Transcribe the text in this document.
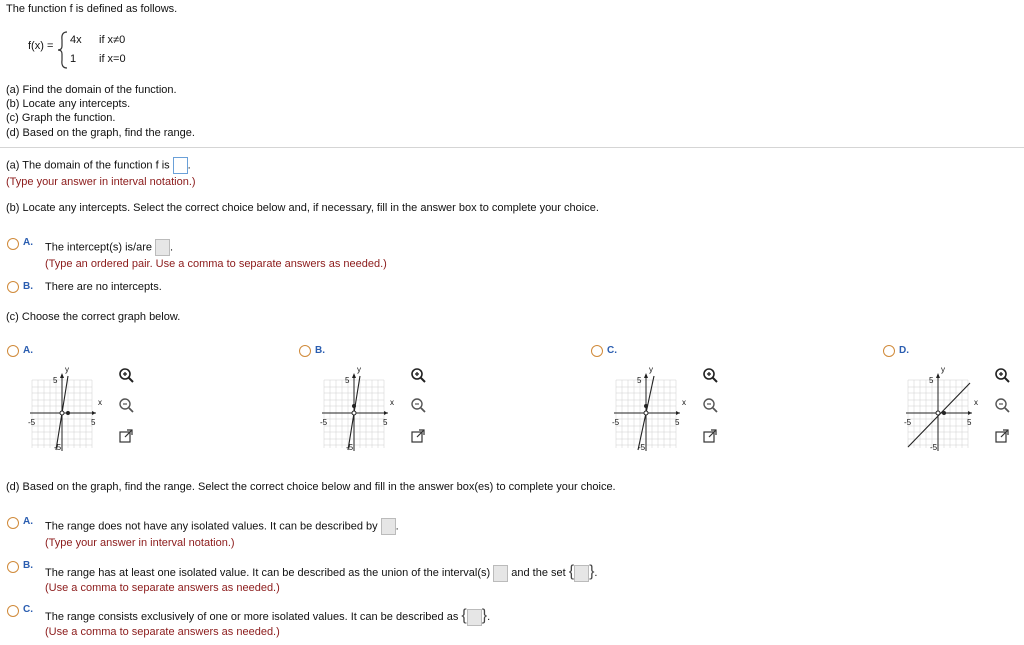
The function f is defined as follows.
f(x) = 4x if x≠0
1 if x=0
(a) Find the domain of the function.
(b) Locate any intercepts.
(c) Graph the function.
(d) Based on the graph, find the range.
(a) The domain of the function f is .
(Type your answer in interval notation.)
(b) Locate any intercepts. Select the correct choice below and, if necessary, fill in the answer box to complete your choice.
A. The intercept(s) is/are .
(Type an ordered pair. Use a comma to separate answers as needed.)
B. There are no intercepts.
(c) Choose the correct graph below.
A.	B.	C.	D.
y
x
5
5
-5
-5
y
x
5
5
-5
-5
y
x
5
5
-5
-5
y
x
5
5
-5
-5
(d) Based on the graph, find the range. Select the correct choice below and fill in the answer box(es) to complete your choice.
A. The range does not have any isolated values. It can be described by .
(Type your answer in interval notation.)
B.
The range has at least one isolated value. It can be described as the union of the interval(s) and the set { }.
(Use a comma to separate answers as needed.)
C.
The range consists exclusively of one or more isolated values. It can be described as { }.
(Use a comma to separate answers as needed.)
